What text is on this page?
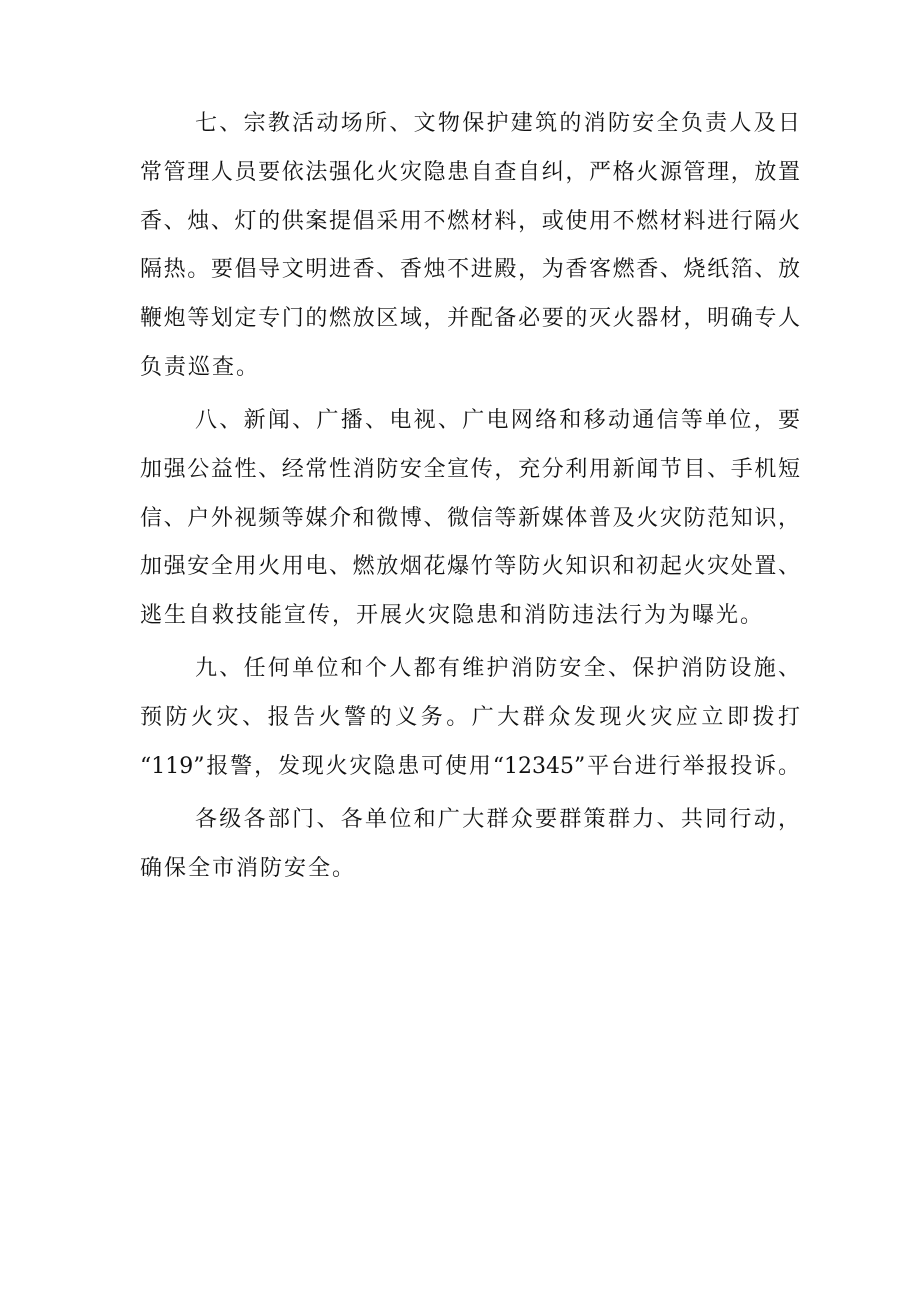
七、宗教活动场所、文物保护建筑的消防安全负责人及日
常管理人员要依法强化火灾隐患自查自纠，严格火源管理，放置
香、烛、灯的供案提倡采用不燃材料，或使用不燃材料进行隔火
隔热。要倡导文明进香、香烛不进殿，为香客燃香、烧纸箔、放
鞭炮等划定专门的燃放区域，并配备必要的灭火器材，明确专人
负责巡查。
八、新闻、广播、电视、广电网络和移动通信等单位，要
加强公益性、经常性消防安全宣传，充分利用新闻节目、手机短
信、户外视频等媒介和微博、微信等新媒体普及火灾防范知识，
加强安全用火用电、燃放烟花爆竹等防火知识和初起火灾处置、
逃生自救技能宣传，开展火灾隐患和消防违法行为为曝光。
九、任何单位和个人都有维护消防安全、保护消防设施、
预防火灾、报告火警的义务。广大群众发现火灾应立即拨打
“119”报警，发现火灾隐患可使用“12345”平台进行举报投诉。
各级各部门、各单位和广大群众要群策群力、共同行动，
确保全市消防安全。
